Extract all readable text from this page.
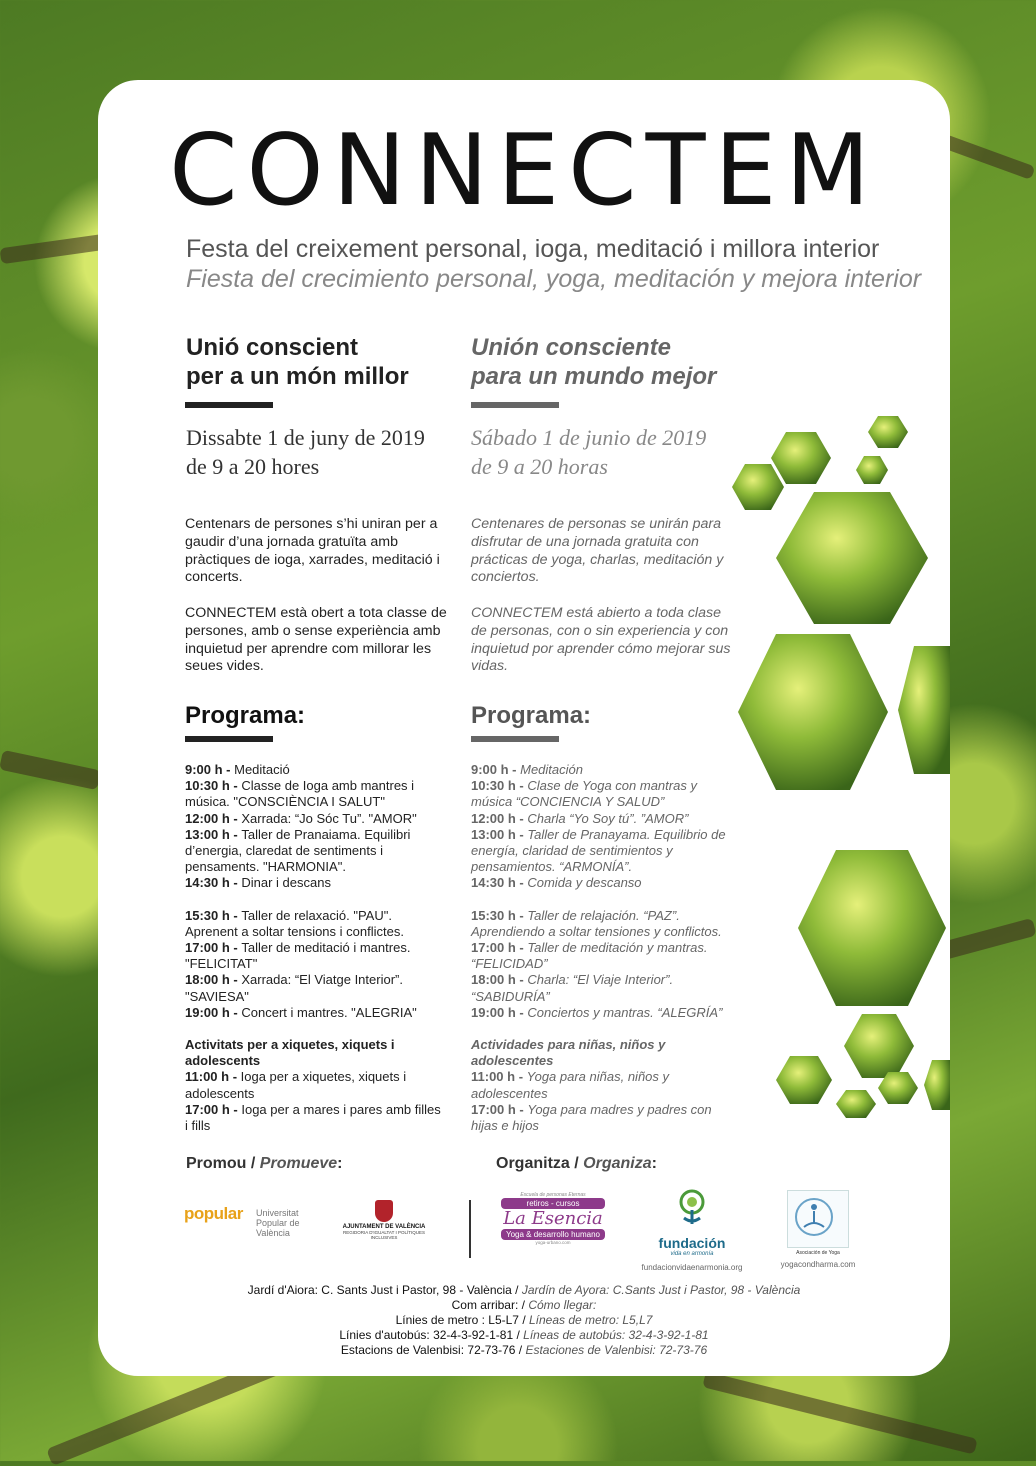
CONNECTEM
Festa del creixement personal, ioga, meditació i millora interior
Fiesta del crecimiento personal, yoga, meditación y mejora interior
Unió conscient
per a un món millor
Unión consciente
para un mundo mejor
Dissabte 1 de juny de 2019
de 9 a 20 hores
Sábado 1 de junio de 2019
de 9 a 20 horas
Centenars de persones s’hi uniran per a gaudir d’una jornada gratuïta amb pràctiques de ioga, xarrades, meditació i concerts.
CONNECTEM està obert a tota classe de persones, amb o sense experiència amb inquietud per aprendre com millorar les seues vides.
Centenares de personas se unirán para disfrutar de una jornada gratuita con prácticas de yoga, charlas, meditación y conciertos.
CONNECTEM está abierto a toda clase de personas, con o sin experiencia y con inquietud por aprender cómo mejorar sus vidas.
Programa:	Programa:
9:00 h - Meditació
10:30 h - Classe de Ioga amb mantres i música. "CONSCIÈNCIA I SALUT"
12:00 h - Xarrada: “Jo Sóc Tu”. "AMOR"
13:00 h - Taller de Pranaiama. Equilibri d’energia, claredat de sentiments i pensaments. "HARMONIA".
14:30 h - Dinar i descans
15:30 h - Taller de relaxació. "PAU". Aprenent a soltar tensions i conflictes.
17:00 h - Taller de meditació i mantres. "FELICITAT"
18:00 h - Xarrada: “El Viatge Interior”. "SAVIESA"
19:00 h - Concert i mantres. "ALEGRIA"
Activitats per a xiquetes, xiquets i adolescents
11:00 h - Ioga per a xiquetes, xiquets i adolescents
17:00 h - Ioga per a mares i pares amb filles i fills
9:00 h - Meditación
10:30 h - Clase de Yoga con mantras y música “CONCIENCIA Y SALUD”
12:00 h - Charla “Yo Soy tú”. ”AMOR”
13:00 h - Taller de Pranayama. Equilibrio de energía, claridad de sentimientos y pensamientos. “ARMONÍA”.
14:30 h - Comida y descanso
15:30 h - Taller de relajación. “PAZ”. Aprendiendo a soltar tensiones y conflictos.
17:00 h - Taller de meditación y mantras. “FELICIDAD”
18:00 h - Charla: “El Viaje Interior”. “SABIDURÍA”
19:00 h - Conciertos y mantras. “ALEGRÍA”
Actividades para niñas, niños y adolescentes
11:00 h - Yoga para niñas, niños y adolescentes
17:00 h - Yoga para madres y padres con hijas e hijos
Promou / Promueve:	Organitza / Organiza:
popular Universitat Popular de València
AJUNTAMENT DE VALÈNCIA
REGIDORIA D'IGUALTAT I POLÍTIQUES INCLUSIVES
Escuela de personas Eternas
retiros - cursos
La Esencia
Yoga & desarrollo humano
yoga-urbano.com	fundación
vida en armonía
fundacionvidaenarmonia.org
Asociación de Yoga
yogacondharma.com
Jardí d'Aiora: C. Sants Just i Pastor, 98 - València / Jardín de Ayora: C.Sants Just i Pastor, 98 - València
Com arribar: / Cómo llegar:
Línies de metro : L5-L7 / Líneas de metro: L5,L7
Línies d'autobús: 32-4-3-92-1-81 / Líneas de autobús: 32-4-3-92-1-81
Estacions de Valenbisi: 72-73-76 / Estaciones de Valenbisi: 72-73-76
